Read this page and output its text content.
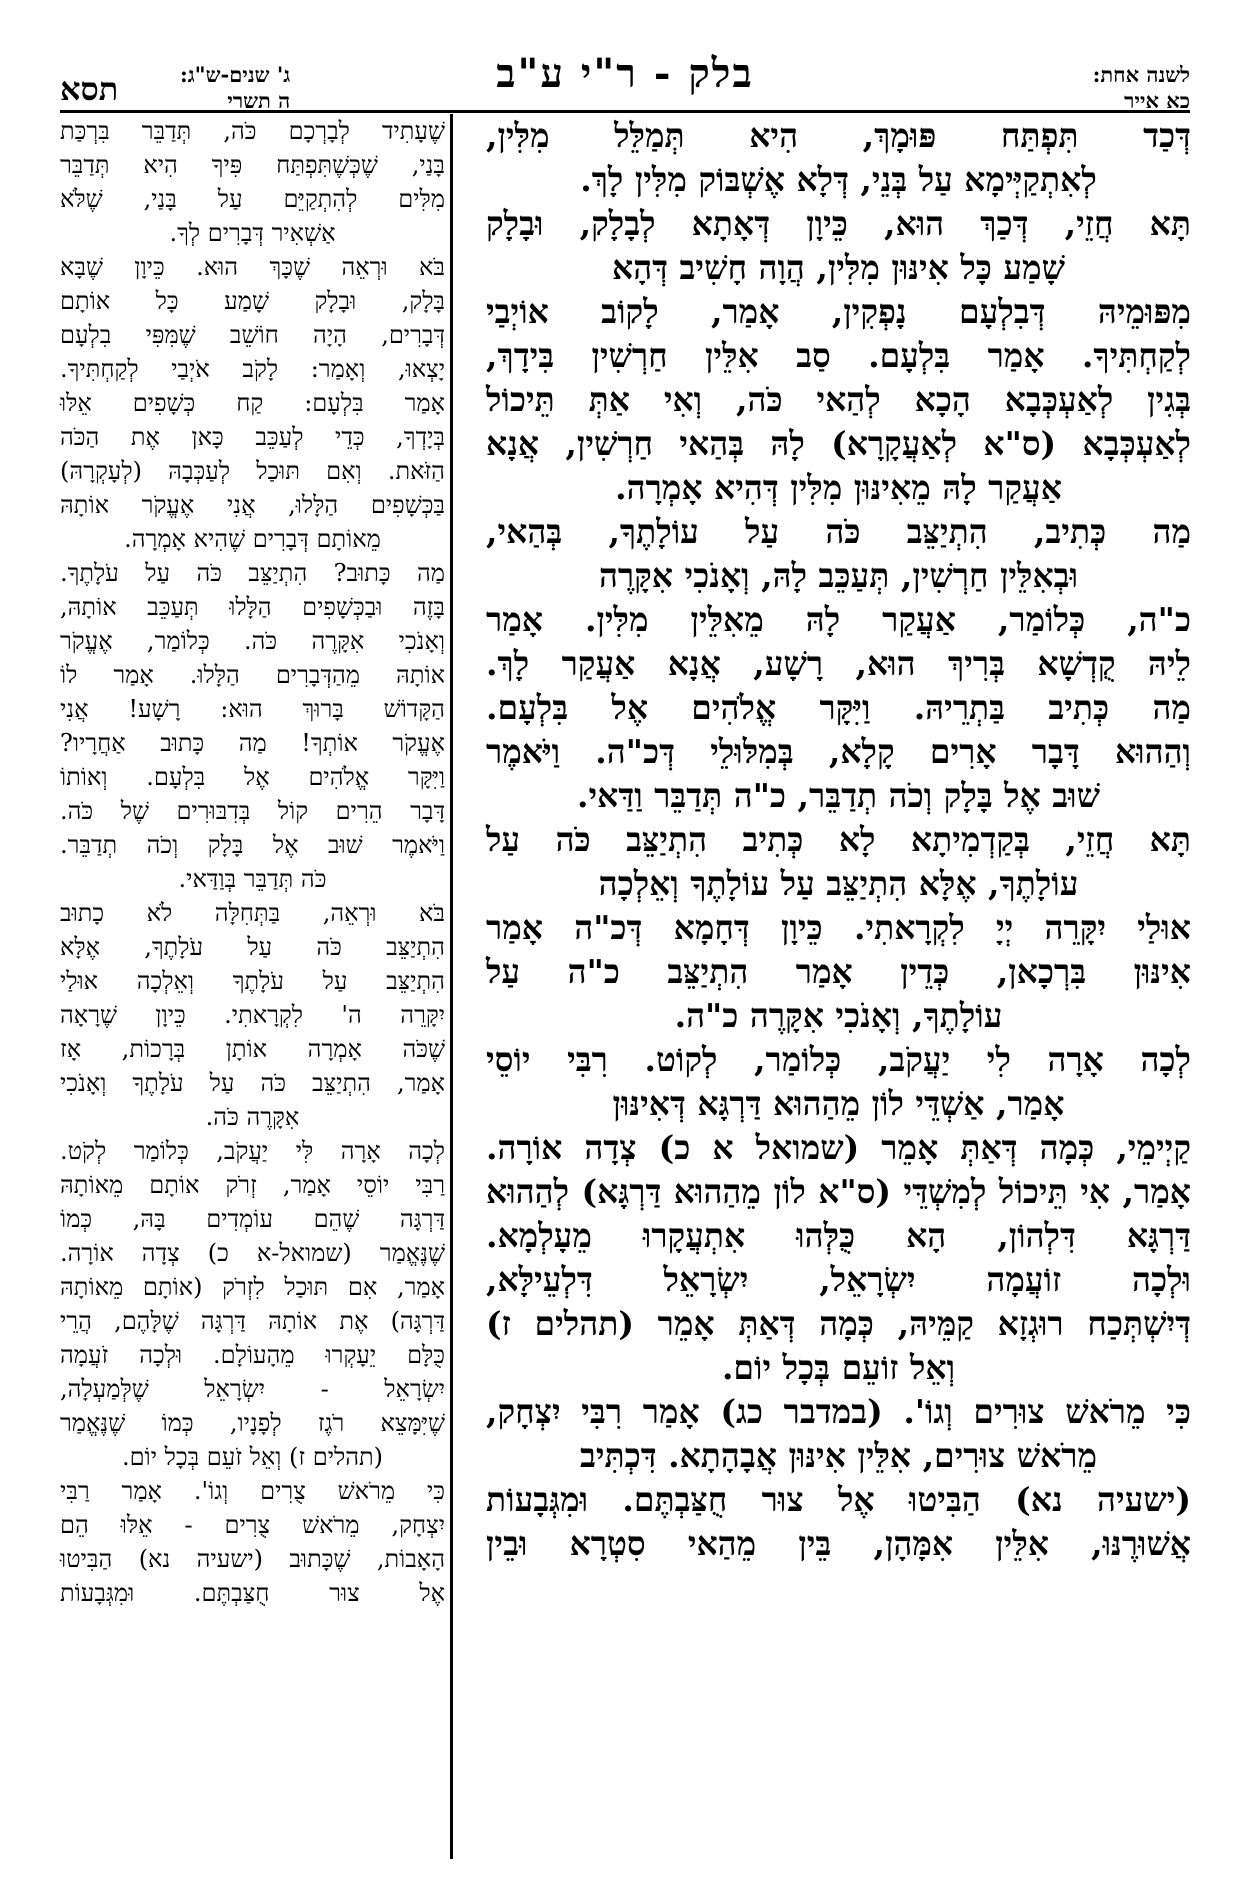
לשנה אחת:
כא אייר
בלק - ר"י ע"ב
ג' שנים-ש"ג:
ה תשרי
תסא

דְּכַד תִּפְתַּח פּוּמָךְ, הִיא תְּמַלֵּל מִלִּין,

לְאִתְקַיְּימָא עַל בְּנֵי, דְּלָא אֶשְׁבּוֹק מִלִּין לָךְ.

תָּא חֲזֵי, דְּכַךְ הוּא, כֵּיוָן דְּאָתָא לְבָלָק, וּבָלָק

שָׁמַע כָּל אִינּוּן מִלִּין, הֲוָה חָשִׁיב דְּהָא

מִפּוּמֵיהּ דְּבִלְעָם נָפְקִין, אָמַר, לָקוֹב אוֹיְבַי

לְקַחְתִּיךָ. אָמַר בִּלְעָם. סַב אִלֵּין חַרְשִׁין בִּידָךְ,

בְּגִין לְאַעְכְּבָא הָכָא לְהַאי כֹּה, וְאִי אַתְּ תֵּיכוֹל

לְאַעְכְּבָא (ס"א לְאַעֲקָרָא) לָהּ בְּהַאי חַרְשִׁין, אֲנָא

אַעֲקַר לָהּ מֵאִינּוּן מִלִּין דְּהִיא אָמְרָה.

מַה כְּתִיב, הִתְיַצֵּב כֹּה עַל עוֹלָתֶךָ, בְּהַאי,

וּבְאִלֵּין חַרְשִׁין, תְּעַכֵּב לָהּ, וְאָנֹכִי אִקָּרֶה

כ"ה, כְּלוֹמַר, אַעֲקַר לָהּ מֵאִלֵּין מִלִּין. אָמַר

לֵיהּ קֻדְשָׁא בְּרִיךְ הוּא, רָשָׁע, אֲנָא אַעֲקַר לָךְ.

מַה כְּתִיב בַּתְרֵיהּ. וַיִּקָּר אֱלֹהִים אֶל בִּלְעָם.

וְהַהוּא דָּבָר אָרִים קָלָא, בְּמִלּוּלֵי דְּכ"ה. וַיֹּאמֶר

שׁוּב אֶל בָּלָק וְכֹה תְדַבֵּר, כ"ה תְּדַבֵּר וַדַּאי.

תָּא חֲזֵי, בְּקַדְמִיתָא לָא כְּתִיב הִתְיַצֵּב כֹּה עַל

עוֹלָתֶךָ, אֶלָּא הִתְיַצֵּב עַל עוֹלָתֶךָ וְאֵלְכָה

אוּלַי יִקָּרֵה יְיָ לִקְרָאתִי. כֵּיוָן דְּחָמָא דְּכ"ה אָמַר

אִינּוּן בִּרְכָאן, כְּדֵין אָמַר הִתְיַצֵּב כ"ה עַל

עוֹלָתֶךָ, וְאָנֹכִי אִקָּרֶה כ"ה.

לְכָה אָרָה לִי יַעֲקֹב, כְּלוֹמַר, לְקוֹט. רִבִּי יוֹסֵי

אָמַר, אַשְׁדֵּי לוֹן מֵהַהוּא דַּרְגָּא דְּאִינּוּן

קַיְימֵי, כְּמָה דְּאַתְּ אָמֵר (שמואל א כ) צְדָה אוֹרָה.

אָמַר, אִי תֵּיכוֹל לְמִשְׁדֵּי (ס"א לוֹן מֵהַהוּא דַּרְגָּא) לְהַהוּא

דַּרְגָּא דִּלְהוֹן, הָא כֻּלְּהוּ אִתְעֲקָרוּ מֵעָלְמָא.

וּלְכָה זוֹעֲמָה יִשְׂרָאֵל, יִשְׂרָאֵל דִּלְעֵילָּא,

דְּיִשְׁתְּכַח רוּגְזָא קַמֵּיהּ, כְּמָה דְּאַתְּ אָמֵר (תהלים ז)

וְאֵל זוֹעֵם בְּכָל יוֹם.

כִּי מֵרֹאשׁ צוּרִים וְגוֹ'. (במדבר כג) אָמַר רִבִּי יִצְחָק,

מֵרֹאשׁ צוּרִים, אִלֵּין אִינּוּן אֲבָהָתָא. דִּכְתִּיב

(ישעיה נא) הַבִּיטוּ אֶל צוּר חֻצַּבְתֶּם. וּמִגְּבָעוֹת

אֲשׁוּרֶנּוּ, אִלֵּין אִמָּהָן, בֵּין מֵהַאי סִטְרָא וּבֵין

שֶׁעָתִיד לְבָרְכָם כֹּה, תְּדַבֵּר בִּרְכַּת

בָּנַי, שֶׁכְּשֶׁתִּפְתַּח פִּיךָ הִיא תְּדַבֵּר

מִלִּים לְהִתְקַיֵּם עַל בָּנַי, שֶׁלֹּא

אַשְׁאִיר דְּבָרִים לְךָ.

בֹּא וּרְאֵה שֶׁכָּךְ הוּא. כֵּיוָן שֶׁבָּא

בָּלָק, וּבָלָק שָׁמַע כָּל אוֹתָם

דְּבָרִים, הָיָה חוֹשֵׁב שֶׁמִּפִּי בִלְעָם

יָצְאוּ, וְאָמַר: לָקֹב אֹיְבַי לְקַחְתִּיךָ.

אָמַר בִּלְעָם: קַח כְּשָׁפִים אֵלּוּ

בְּיָדְךָ, כְּדֵי לְעַכֵּב כָּאן אֶת הַכֹּה

הַזֹּאת. וְאִם תּוּכַל לְעַכְּבָהּ (לְעָקְרָהּ)

בַּכְּשָׁפִים הַלָּלוּ, אֲנִי אֶעֱקֹר אוֹתָהּ

מֵאוֹתָם דְּבָרִים שֶׁהִיא אָמְרָה.

מַה כָּתוּב? הִתְיַצֵּב כֹּה עַל עֹלָתֶךָ.

בָּזֶה וּבַכְּשָׁפִים הַלָּלוּ תְּעַכֵּב אוֹתָהּ,

וְאָנֹכִי אִקָּרֶה כֹּה. כְּלוֹמַר, אֶעֱקֹר

אוֹתָהּ מֵהַדְּבָרִים הַלָּלוּ. אָמַר לוֹ

הַקָּדוֹשׁ בָּרוּךְ הוּא: רָשָׁע! אֲנִי

אֶעֱקֹר אוֹתְךָ! מַה כָּתוּב אַחֲרָיו?

וַיִּקָּר אֱלֹהִים אֶל בִּלְעָם. וְאוֹתוֹ

דָּבָר הֵרִים קוֹל בְּדִבּוּרִים שֶׁל כֹּה.

וַיֹּאמֶר שׁוּב אֶל בָּלָק וְכֹה תְדַבֵּר.

כֹּה תְּדַבֵּר בְּוַדַּאי.

בֹּא וּרְאֵה, בַּתְּחִלָּה לֹא כָתוּב

הִתְיַצֵּב כֹּה עַל עֹלָתֶךָ, אֶלָּא

הִתְיַצֵּב עַל עֹלָתֶךָ וְאֵלְכָה אוּלַי

יִקָּרֵה ה' לִקְרָאתִי. כֵּיוָן שֶׁרָאָה

שֶׁכֹּה אָמְרָה אוֹתָן בְּרָכוֹת, אָז

אָמַר, הִתְיַצֵּב כֹּה עַל עֹלָתֶךָ וְאָנֹכִי

אִקָּרֶה כֹּה.

לְכָה אָרָה לִּי יַעֲקֹב, כְּלוֹמַר לְקֹט.

רַבִּי יוֹסֵי אָמַר, זְרֹק אוֹתָם מֵאוֹתָהּ

דַּרְגָּה שֶׁהֵם עוֹמְדִים בָּהּ, כְּמוֹ

שֶׁנֶּאֱמַר (שמואל-א כ) צְדָה אוֹרָה.

אָמַר, אִם תּוּכַל לִזְרֹק (אוֹתָם מֵאוֹתָהּ

דַּרְגָּה) אֶת אוֹתָהּ דַּרְגָּה שֶׁלָּהֶם, הֲרֵי

כֻּלָּם יֵעָקְרוּ מֵהָעוֹלָם. וּלְכָה זֹעֲמָה

יִשְׂרָאֵל - יִשְׂרָאֵל שֶׁלְּמַעְלָה,

שֶׁיִּמָּצֵא רֹגֶז לְפָנָיו, כְּמוֹ שֶׁנֶּאֱמַר

(תהלים ז) וְאֵל זֹעֵם בְּכָל יוֹם.

כִּי מֵרֹאשׁ צֻרִים וְגוֹ'. אָמַר רַבִּי

יִצְחָק, מֵרֹאשׁ צֻרִים - אֵלּוּ הֵם

הָאָבוֹת, שֶׁכָּתוּב (ישעיה נא) הַבִּיטוּ

אֶל צוּר חֻצַּבְתֶּם. וּמִגְּבָעוֹת
